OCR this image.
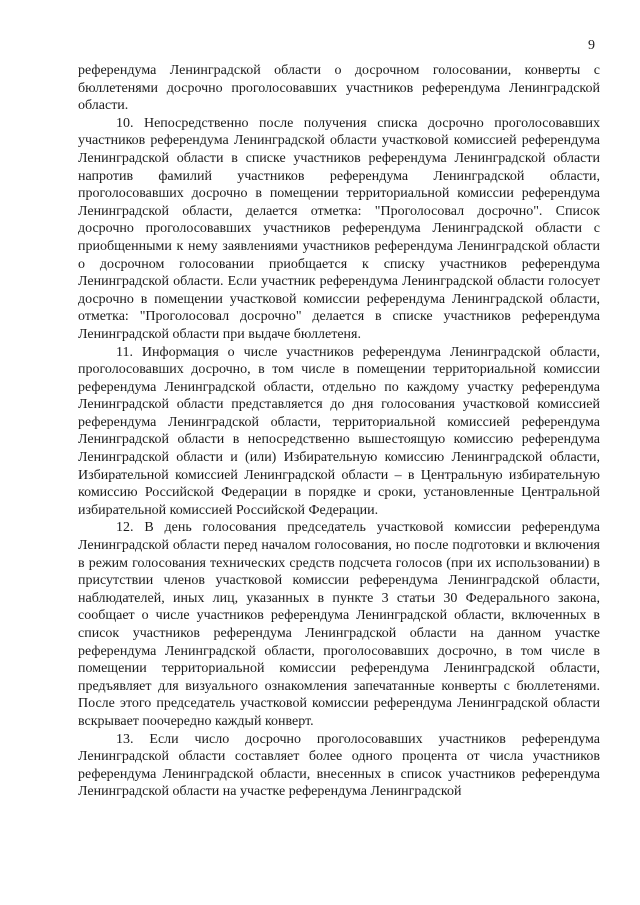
9

референдума Ленинградской области о досрочном голосовании, конверты с бюллетенями досрочно проголосовавших участников референдума Ленинградской области.

10. Непосредственно после получения списка досрочно проголосовавших участников референдума Ленинградской области участковой комиссией референдума Ленинградской области в списке участников референдума Ленинградской области напротив фамилий участников референдума Ленинградской области, проголосовавших досрочно в помещении территориальной комиссии референдума Ленинградской области, делается отметка: "Проголосовал досрочно". Список досрочно проголосовавших участников референдума Ленинградской области с приобщенными к нему заявлениями участников референдума Ленинградской области о досрочном голосовании приобщается к списку участников референдума Ленинградской области. Если участник референдума Ленинградской области голосует досрочно в помещении участковой комиссии референдума Ленинградской области, отметка: "Проголосовал досрочно" делается в списке участников референдума Ленинградской области при выдаче бюллетеня.

11. Информация о числе участников референдума Ленинградской области, проголосовавших досрочно, в том числе в помещении территориальной комиссии референдума Ленинградской области, отдельно по каждому участку референдума Ленинградской области представляется до дня голосования участковой комиссией референдума Ленинградской области, территориальной комиссией референдума Ленинградской области в непосредственно вышестоящую комиссию референдума Ленинградской области и (или) Избирательную комиссию Ленинградской области, Избирательной комиссией Ленинградской области – в Центральную избирательную комиссию Российской Федерации в порядке и сроки, установленные Центральной избирательной комиссией Российской Федерации.

12. В день голосования председатель участковой комиссии референдума Ленинградской области перед началом голосования, но после подготовки и включения в режим голосования технических средств подсчета голосов (при их использовании) в присутствии членов участковой комиссии референдума Ленинградской области, наблюдателей, иных лиц, указанных в пункте 3 статьи 30 Федерального закона, сообщает о числе участников референдума Ленинградской области, включенных в список участников референдума Ленинградской области на данном участке референдума Ленинградской области, проголосовавших досрочно, в том числе в помещении территориальной комиссии референдума Ленинградской области, предъявляет для визуального ознакомления запечатанные конверты с бюллетенями. После этого председатель участковой комиссии референдума Ленинградской области вскрывает поочередно каждый конверт.

13. Если число досрочно проголосовавших участников референдума Ленинградской области составляет более одного процента от числа участников референдума Ленинградской области, внесенных в список участников референдума Ленинградской области на участке референдума Ленинградской
